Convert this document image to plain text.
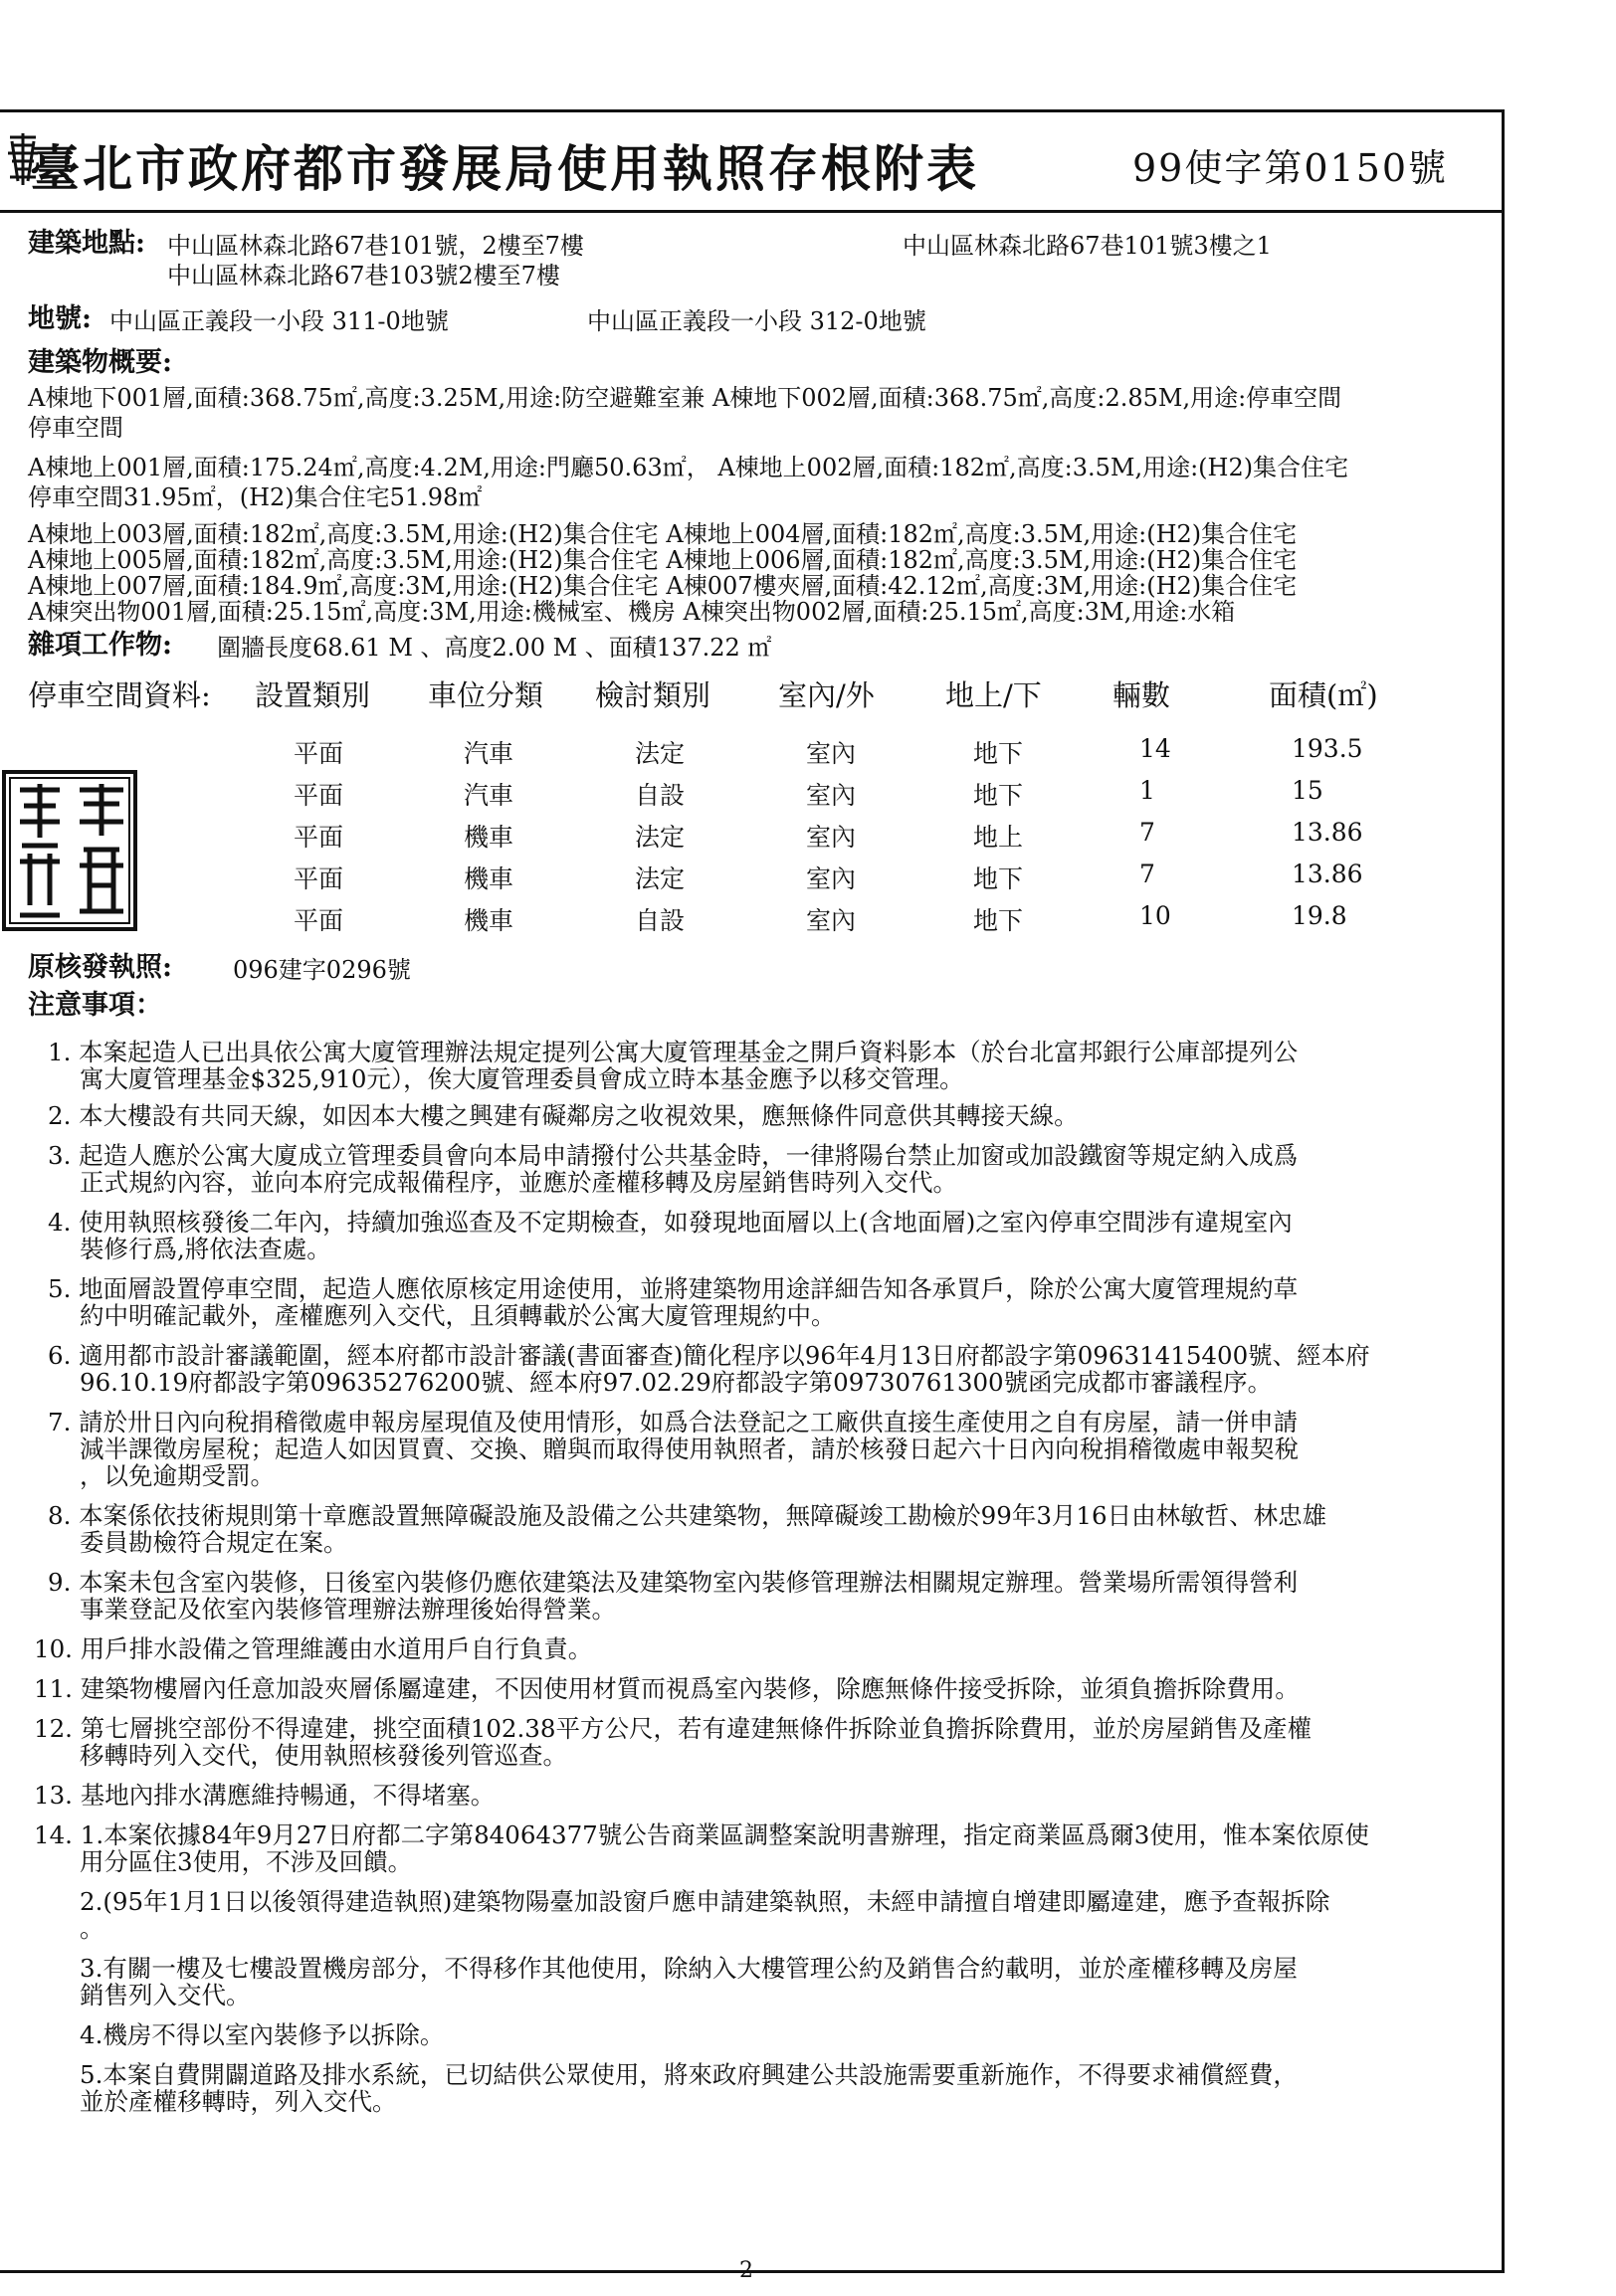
臺北市政府都市發展局使用執照存根附表	99使字第0150號
建築地點: 中山區林森北路67巷101號，2樓至7樓
中山區林森北路67巷103號2樓至7樓
中山區林森北路67巷101號3樓之1
地號: 中山區正義段一小段 311-0地號	中山區正義段一小段 312-0地號
建築物概要:
A棟地下001層,面積:368.75㎡,高度:3.25M,用途:防空避難室兼 A棟地下002層,面積:368.75㎡,高度:2.85M,用途:停車空間
停車空間
A棟地上001層,面積:175.24㎡,高度:4.2M,用途:門廳50.63㎡， A棟地上002層,面積:182㎡,高度:3.5M,用途:(H2)集合住宅
停車空間31.95㎡，(H2)集合住宅51.98㎡
A棟地上003層,面積:182㎡,高度:3.5M,用途:(H2)集合住宅 A棟地上004層,面積:182㎡,高度:3.5M,用途:(H2)集合住宅
A棟地上005層,面積:182㎡,高度:3.5M,用途:(H2)集合住宅 A棟地上006層,面積:182㎡,高度:3.5M,用途:(H2)集合住宅
A棟地上007層,面積:184.9㎡,高度:3M,用途:(H2)集合住宅 A棟007樓夾層,面積:42.12㎡,高度:3M,用途:(H2)集合住宅
A棟突出物001層,面積:25.15㎡,高度:3M,用途:機械室、機房 A棟突出物002層,面積:25.15㎡,高度:3M,用途:水箱
雜項工作物: 圍牆長度68.61 M 、高度2.00 M 、面積137.22 ㎡
停車空間資料: 設置類別 車位分類 檢討類別 室內/外 地上/下 輛數	面積(㎡)
平面	汽車	法定	室內	地下	14	193.5
平面	汽車	自設	室內	地下	1	15
平面	機車	法定	室內	地上	7	13.86
平面	機車	法定	室內	地下	7	13.86
平面	機車	自設	室內	地下	10	19.8
原核發執照:	096建字0296號
注意事項：
1. 本案起造人已出具依公寓大廈管理辦法規定提列公寓大廈管理基金之開戶資料影本（於台北富邦銀行公庫部提列公
寓大廈管理基金$325,910元），俟大廈管理委員會成立時本基金應予以移交管理。
2. 本大樓設有共同天線，如因本大樓之興建有礙鄰房之收視效果，應無條件同意供其轉接天線。
3. 起造人應於公寓大廈成立管理委員會向本局申請撥付公共基金時，一律將陽台禁止加窗或加設鐵窗等規定納入成爲
正式規約內容，並向本府完成報備程序，並應於產權移轉及房屋銷售時列入交代。
4. 使用執照核發後二年內，持續加強巡查及不定期檢查，如發現地面層以上(含地面層)之室內停車空間涉有違規室內
裝修行爲,將依法查處。
5. 地面層設置停車空間，起造人應依原核定用途使用，並將建築物用途詳細告知各承買戶，除於公寓大廈管理規約草
約中明確記載外，產權應列入交代，且須轉載於公寓大廈管理規約中。
6. 適用都市設計審議範圍，經本府都市設計審議(書面審查)簡化程序以96年4月13日府都設字第09631415400號、經本府
96.10.19府都設字第09635276200號、經本府97.02.29府都設字第09730761300號函完成都市審議程序。
7. 請於卅日內向稅捐稽徵處申報房屋現值及使用情形，如爲合法登記之工廠供直接生產使用之自有房屋，請一併申請
減半課徵房屋稅；起造人如因買賣、交換、贈與而取得使用執照者，請於核發日起六十日內向稅捐稽徵處申報契稅
，以免逾期受罰。
8. 本案係依技術規則第十章應設置無障礙設施及設備之公共建築物，無障礙竣工勘檢於99年3月16日由林敏哲、林忠雄
委員勘檢符合規定在案。
9. 本案未包含室內裝修，日後室內裝修仍應依建築法及建築物室內裝修管理辦法相關規定辦理。營業場所需領得營利
事業登記及依室內裝修管理辦法辦理後始得營業。
10. 用戶排水設備之管理維護由水道用戶自行負責。
11. 建築物樓層內任意加設夾層係屬違建，不因使用材質而視爲室內裝修，除應無條件接受拆除，並須負擔拆除費用。
12. 第七層挑空部份不得違建，挑空面積102.38平方公尺，若有違建無條件拆除並負擔拆除費用，並於房屋銷售及產權
移轉時列入交代，使用執照核發後列管巡查。
13. 基地內排水溝應維持暢通，不得堵塞。
14. 1.本案依據84年9月27日府都二字第84064377號公告商業區調整案說明書辦理，指定商業區爲爾3使用，惟本案依原使
用分區住3使用，不涉及回饋。
2.(95年1月1日以後領得建造執照)建築物陽臺加設窗戶應申請建築執照，未經申請擅自增建即屬違建，應予查報拆除
。
3.有關一樓及七樓設置機房部分，不得移作其他使用，除納入大樓管理公約及銷售合約載明，並於產權移轉及房屋
銷售列入交代。
4.機房不得以室內裝修予以拆除。
5.本案自費開闢道路及排水系統，已切結供公眾使用，將來政府興建公共設施需要重新施作，不得要求補償經費，
並於產權移轉時，列入交代。
2
